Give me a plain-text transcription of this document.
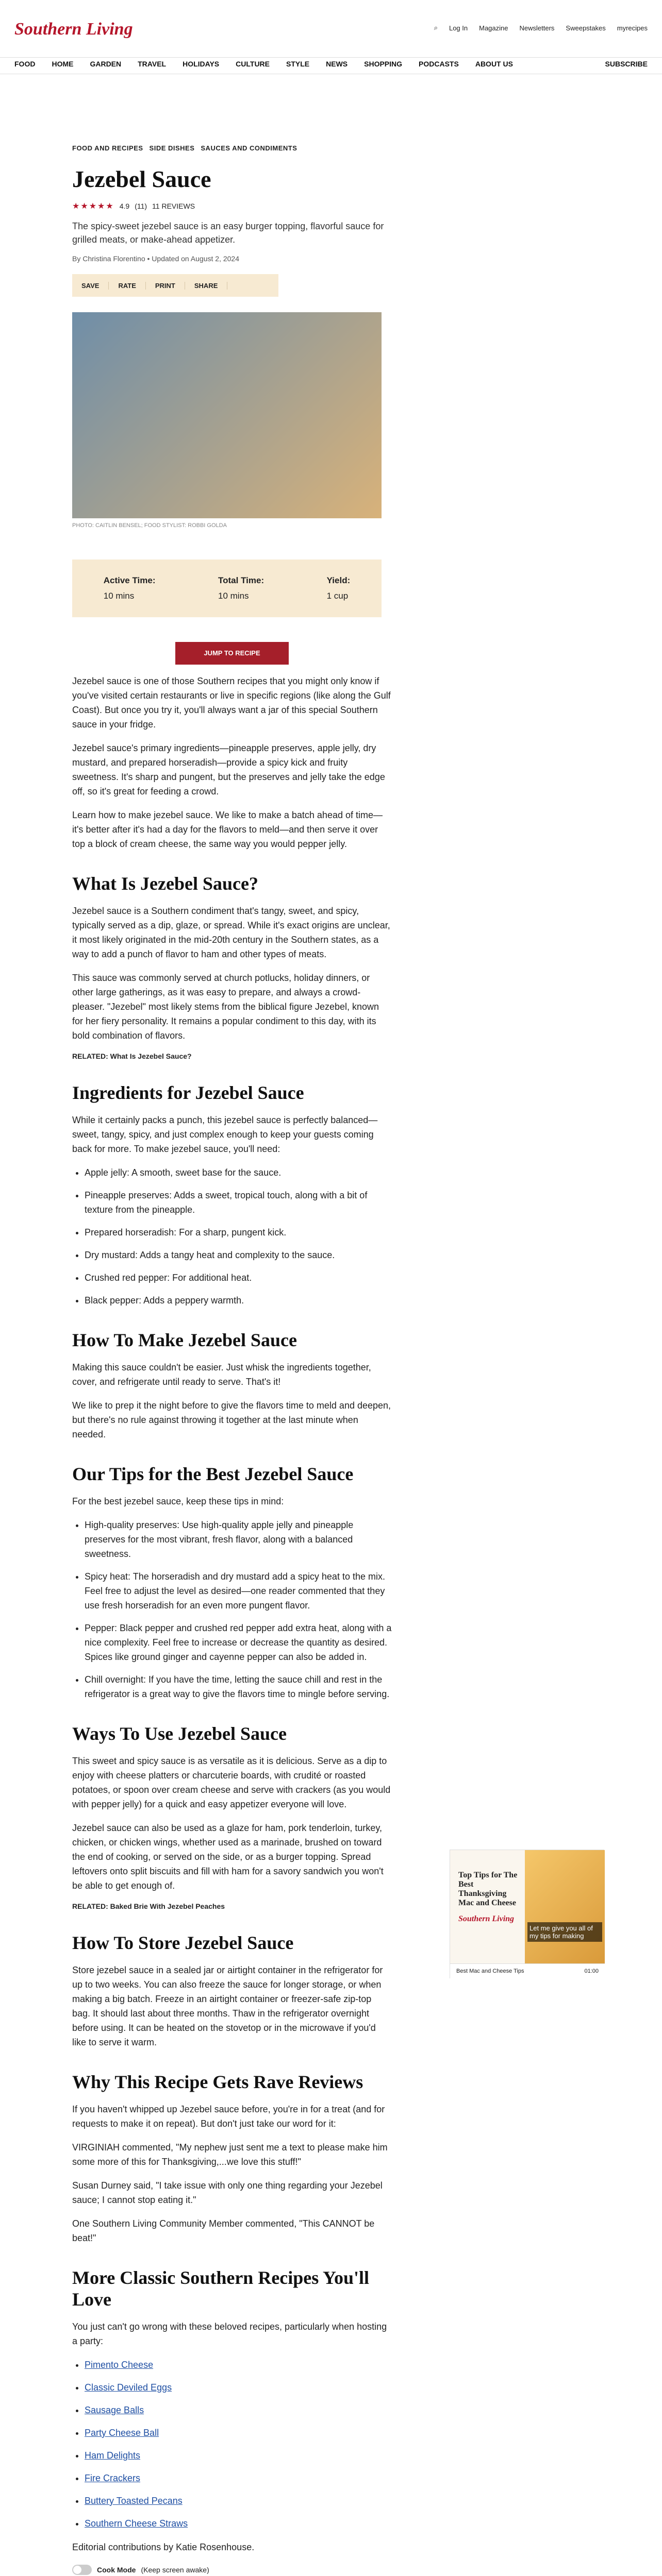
Southern Living	⌕ Log In Magazine Newsletters Sweepstakes myrecipes
FOOD HOME GARDEN TRAVEL HOLIDAYS CULTURE STYLE NEWS SHOPPING PODCASTS ABOUT US	SUBSCRIBE
FOOD AND RECIPES SIDE DISHES SAUCES AND CONDIMENTS
Jezebel Sauce
★★★★★ 4.9 (11) 11 REVIEWS
The spicy-sweet jezebel sauce is an easy burger topping, flavorful sauce for grilled meats, or make-ahead appetizer.
By Christina Florentino • Updated on August 2, 2024
SAVE	RATE	PRINT	SHARE
PHOTO: CAITLIN BENSEL; FOOD STYLIST: ROBBI GOLDA
Active Time:
10 mins
Total Time:
10 mins
Yield:
1 cup
JUMP TO RECIPE

Jezebel sauce is one of those Southern recipes that you might only know if you've visited certain restaurants or live in specific regions (like along the Gulf Coast). But once you try it, you'll always want a jar of this special Southern sauce in your fridge.

Jezebel sauce's primary ingredients—pineapple preserves, apple jelly, dry mustard, and prepared horseradish—provide a spicy kick and fruity sweetness. It's sharp and pungent, but the preserves and jelly take the edge off, so it's great for feeding a crowd.

Learn how to make jezebel sauce. We like to make a batch ahead of time—it's better after it's had a day for the flavors to meld—and then serve it over top a block of cream cheese, the same way you would pepper jelly.

What Is Jezebel Sauce?

Jezebel sauce is a Southern condiment that's tangy, sweet, and spicy, typically served as a dip, glaze, or spread. While it's exact origins are unclear, it most likely originated in the mid-20th century in the Southern states, as a way to add a punch of flavor to ham and other types of meats.

This sauce was commonly served at church potlucks, holiday dinners, or other large gatherings, as it was easy to prepare, and always a crowd-pleaser. "Jezebel" most likely stems from the biblical figure Jezebel, known for her fiery personality. It remains a popular condiment to this day, with its bold combination of flavors.

RELATED: What Is Jezebel Sauce?
Ingredients for Jezebel Sauce

While it certainly packs a punch, this jezebel sauce is perfectly balanced—sweet, tangy, spicy, and just complex enough to keep your guests coming back for more. To make jezebel sauce, you'll need:

• Apple jelly: A smooth, sweet base for the sauce.
• Pineapple preserves: Adds a sweet, tropical touch, along with a bit of texture from the pineapple.
• Prepared horseradish: For a sharp, pungent kick.
• Dry mustard: Adds a tangy heat and complexity to the sauce.
• Crushed red pepper: For additional heat.
• Black pepper: Adds a peppery warmth.
How To Make Jezebel Sauce

Making this sauce couldn't be easier. Just whisk the ingredients together, cover, and refrigerate until ready to serve. That's it!

We like to prep it the night before to give the flavors time to meld and deepen, but there's no rule against throwing it together at the last minute when needed.

Our Tips for the Best Jezebel Sauce

For the best jezebel sauce, keep these tips in mind:

• High-quality preserves: Use high-quality apple jelly and pineapple preserves for the most vibrant, fresh flavor, along with a balanced sweetness.
• Spicy heat: The horseradish and dry mustard add a spicy heat to the mix. Feel free to adjust the level as desired—one reader commented that they use fresh horseradish for an even more pungent flavor.
• Pepper: Black pepper and crushed red pepper add extra heat, along with a nice complexity. Feel free to increase or decrease the quantity as desired. Spices like ground ginger and cayenne pepper can also be added in.
• Chill overnight: If you have the time, letting the sauce chill and rest in the refrigerator is a great way to give the flavors time to mingle before serving.
Ways To Use Jezebel Sauce

This sweet and spicy sauce is as versatile as it is delicious. Serve as a dip to enjoy with cheese platters or charcuterie boards, with crudité or roasted potatoes, or spoon over cream cheese and serve with crackers (as you would with pepper jelly) for a quick and easy appetizer everyone will love.

Jezebel sauce can also be used as a glaze for ham, pork tenderloin, turkey, chicken, or chicken wings, whether used as a marinade, brushed on toward the end of cooking, or served on the side, or as a burger topping. Spread leftovers onto split biscuits and fill with ham for a savory sandwich you won't be able to get enough of.

RELATED: Baked Brie With Jezebel Peaches
How To Store Jezebel Sauce

Store jezebel sauce in a sealed jar or airtight container in the refrigerator for up to two weeks. You can also freeze the sauce for longer storage, or when making a big batch. Freeze in an airtight container or freezer-safe zip-top bag. It should last about three months. Thaw in the refrigerator overnight before using. It can be heated on the stovetop or in the microwave if you'd like to serve it warm.

Why This Recipe Gets Rave Reviews

If you haven't whipped up Jezebel sauce before, you're in for a treat (and for requests to make it on repeat). But don't just take our word for it:

VIRGINIAH commented, "My nephew just sent me a text to please make him some more of this for Thanksgiving,...we love this stuff!"

Susan Durney said, "I take issue with only one thing regarding your Jezebel sauce; I cannot stop eating it."

One Southern Living Community Member commented, "This CANNOT be beat!"

More Classic Southern Recipes You'll Love

You just can't go wrong with these beloved recipes, particularly when hosting a party:

• Pimento Cheese
• Classic Deviled Eggs
• Sausage Balls
• Party Cheese Ball
• Ham Delights
• Fire Crackers
• Buttery Toasted Pecans
• Southern Cheese Straws

Editorial contributions by Katie Rosenhouse.

Cook Mode (Keep screen awake)

Top Tips for The Best Thanksgiving Mac and Cheese
Southern Living
Let me give you all of my tips for making
Best Mac and Cheese Tips	01:00
